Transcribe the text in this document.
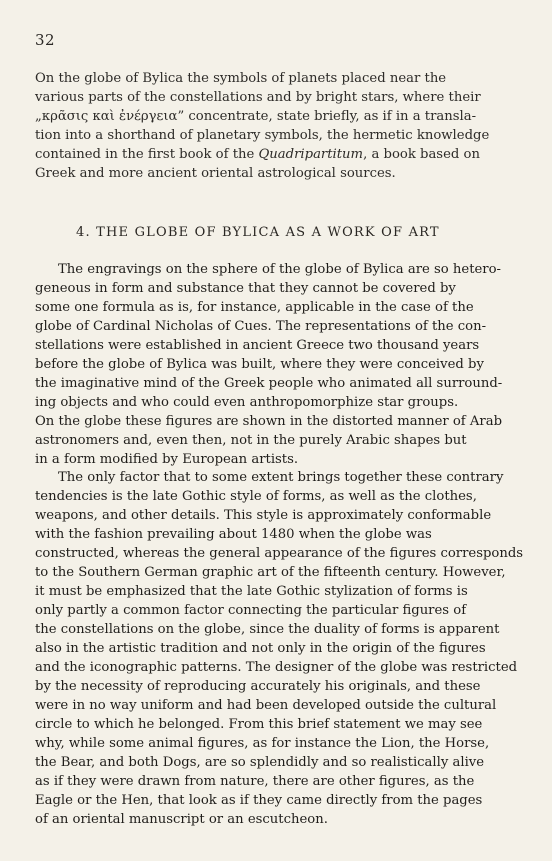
32
On the globe of Bylica the symbols of planets placed near the
various parts of the constellations and by bright stars, where their
„κρᾶσις καὶ ἐνέργεια” concentrate, state briefly, as if in a transla-
tion into a shorthand of planetary symbols, the hermetic knowledge
contained in the first book of the Quadripartitum, a book based on
Greek and more ancient oriental astrological sources.
4. THE GLOBE OF BYLICA AS A WORK OF ART
The engravings on the sphere of the globe of Bylica are so hetero-
geneous in form and substance that they cannot be covered by
some one formula as is, for instance, applicable in the case of the
globe of Cardinal Nicholas of Cues. The representations of the con-
stellations were established in ancient Greece two thousand years
before the globe of Bylica was built, where they were conceived by
the imaginative mind of the Greek people who animated all surround-
ing objects and who could even anthropomorphize star groups.
On the globe these figures are shown in the distorted manner of Arab
astronomers and, even then, not in the purely Arabic shapes but
in a form modified by European artists.
The only factor that to some extent brings together these contrary
tendencies is the late Gothic style of forms, as well as the clothes,
weapons, and other details. This style is approximately conformable
with the fashion prevailing about 1480 when the globe was
constructed, whereas the general appearance of the figures corresponds
to the Southern German graphic art of the fifteenth century. However,
it must be emphasized that the late Gothic stylization of forms is
only partly a common factor connecting the particular figures of
the constellations on the globe, since the duality of forms is apparent
also in the artistic tradition and not only in the origin of the figures
and the iconographic patterns. The designer of the globe was restricted
by the necessity of reproducing accurately his originals, and these
were in no way uniform and had been developed outside the cultural
circle to which he belonged. From this brief statement we may see
why, while some animal figures, as for instance the Lion, the Horse,
the Bear, and both Dogs, are so splendidly and so realistically alive
as if they were drawn from nature, there are other figures, as the
Eagle or the Hen, that look as if they came directly from the pages
of an oriental manuscript or an escutcheon.
